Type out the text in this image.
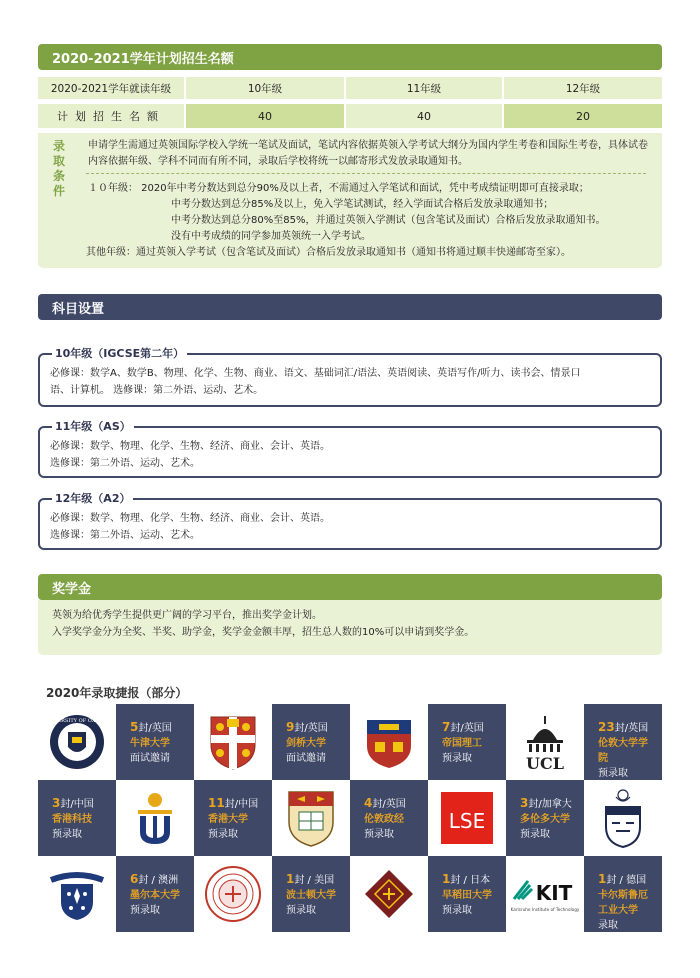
2020-2021学年计划招生名额
2020-2021学年就读年级	10年级	11年级	12年级
计划招生名额	40	40	20
录取条件
申请学生需通过英领国际学校入学统一笔试及面试，笔试内容依据英领入学考试大纲分为国内学生考卷和国际生考卷，具体试卷内容依据年级、学科不同而有所不同，录取后学校将统一以邮寄形式发放录取通知书。
１０年级： 2020年中考分数达到总分90%及以上者，不需通过入学笔试和面试，凭中考成绩证明即可直接录取；
中考分数达到总分85%及以上，免入学笔试测试，经入学面试合格后发放录取通知书；
中考分数达到总分80%至85%，并通过英领入学测试（包含笔试及面试）合格后发放录取通知书。
没有中考成绩的同学参加英领统一入学考试。
其他年级：通过英领入学考试（包含笔试及面试）合格后发放录取通知书（通知书将通过顺丰快递邮寄至家）。
科目设置
10年级（IGCSE第二年）
必修课：数学A、数学B、物理、化学、生物、商业、语文、基础词汇/语法、英语阅读、英语写作/听力、读书会、情景口
语、计算机。 选修课：第二外语、运动、艺术。
11年级（AS）
必修课：数学、物理、化学、生物、经济、商业、会计、英语。
选修课：第二外语、运动、艺术。
12年级（A2）
必修课：数学、物理、化学、生物、经济、商业、会计、英语。
选修课：第二外语、运动、艺术。
奖学金
英领为给优秀学生提供更广阔的学习平台，推出奖学金计划。
入学奖学金分为全奖、半奖、助学金，奖学金金额丰厚，招生总人数的10%可以申请到奖学金。
2020年录取捷报（部分）
UNIVERSITY OF OXFORD 5封/英国
牛津大学
面试邀请
9封/英国
剑桥大学
面试邀请
7封/英国
帝国理工
预录取	UCL
23封/英国
伦敦大学学院
预录取
3封/中国
香港科技
预录取
11封/中国
香港大学
预录取
4封/英国
伦敦政经
预录取
LSE
3封/加拿大
多伦多大学
预录取
6封 / 澳洲
墨尔本大学
预录取
1封 / 美国
波士顿大学
预录取
1封 / 日本
早稻田大学
预录取
KIT
Karlsruhe Institute of Technology
1封 / 德国
卡尔斯鲁厄工业大学
录取
